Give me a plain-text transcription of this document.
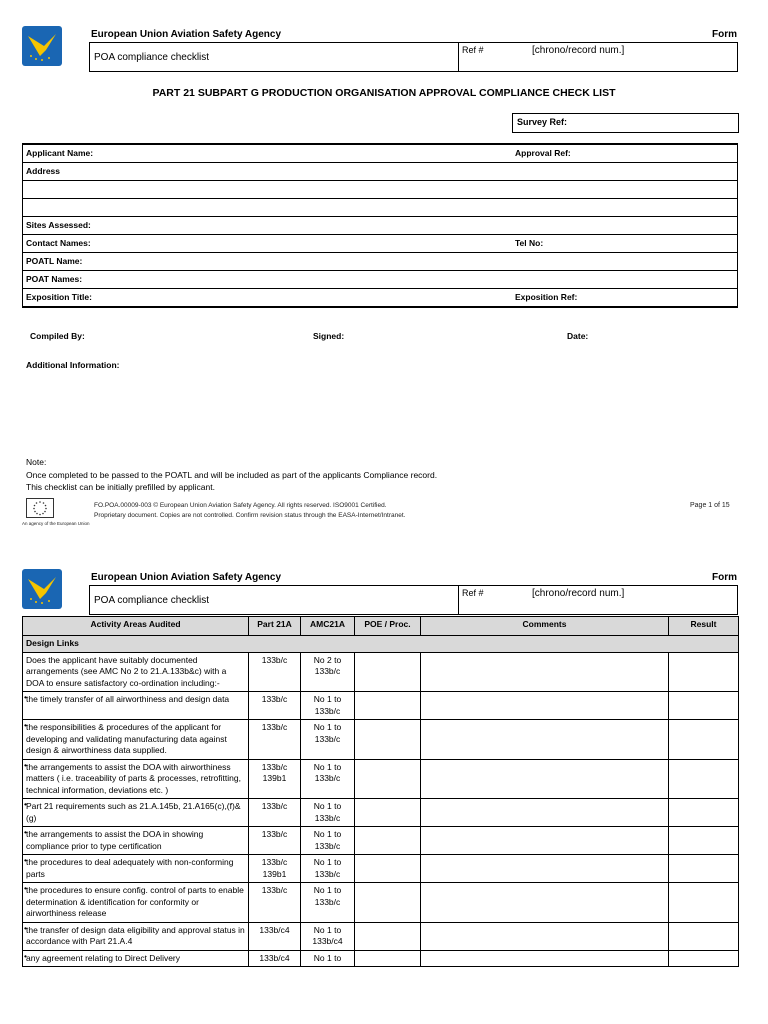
European Union Aviation Safety Agency	Form
POA compliance checklist
Ref #	[chrono/record num.]
PART 21 SUBPART G PRODUCTION ORGANISATION APPROVAL COMPLIANCE CHECK LIST
Survey Ref:
Applicant Name:	Approval Ref:
Address
Sites Assessed:
Contact Names:	Tel No:
POATL Name:
POAT Names:
Exposition Title:	Exposition Ref:
Compiled By:	Signed:	Date:
Additional Information:
Note:
Once completed to be passed to the POATL and will be included as part of the applicants Compliance record.
This checklist can be initially prefilled by applicant.
An agency of the European Union
FO.POA.00009-003 © European Union Aviation Safety Agency. All rights reserved. ISO9001 Certified.
Proprietary document. Copies are not controlled. Confirm revision status through the EASA-Internet/Intranet.
Page 1 of 15
European Union Aviation Safety Agency	Form
POA compliance checklist
Ref #	[chrono/record num.]
Activity Areas Audited	Part 21A	AMC21A	POE / Proc.	Comments	Result
Design Links					
Does the applicant have suitably documented arrangements (see AMC No 2 to 21.A.133b&c) with a DOA to ensure satisfactory co-ordination including:-	133b/c	No 2 to 133b/c			
• the timely transfer of all airworthiness and design data	133b/c	No 1 to 133b/c			
• the responsibilities & procedures of the applicant for developing and validating manufacturing data against design & airworthiness data supplied.	133b/c	No 1 to 133b/c			
• the arrangements to assist the DOA with airworthiness matters ( i.e. traceability of parts & processes, retrofitting, technical information, deviations etc. )	133b/c 139b1	No 1 to 133b/c			
• Part 21 requirements such as 21.A.145b, 21.A165(c),(f)&(g)	133b/c	No 1 to 133b/c			
• the arrangements to assist the DOA in showing compliance prior to type certification	133b/c	No 1 to 133b/c			
• the procedures to deal adequately with non-conforming parts	133b/c 139b1	No 1 to 133b/c			
• the procedures to ensure config. control of parts to enable determination & identification for conformity or airworthiness release	133b/c	No 1 to 133b/c			
• the transfer of design data eligibility and approval status in accordance with Part 21.A.4	133b/c4	No 1 to 133b/c4			
• any agreement relating to Direct Delivery	133b/c4	No 1 to			
